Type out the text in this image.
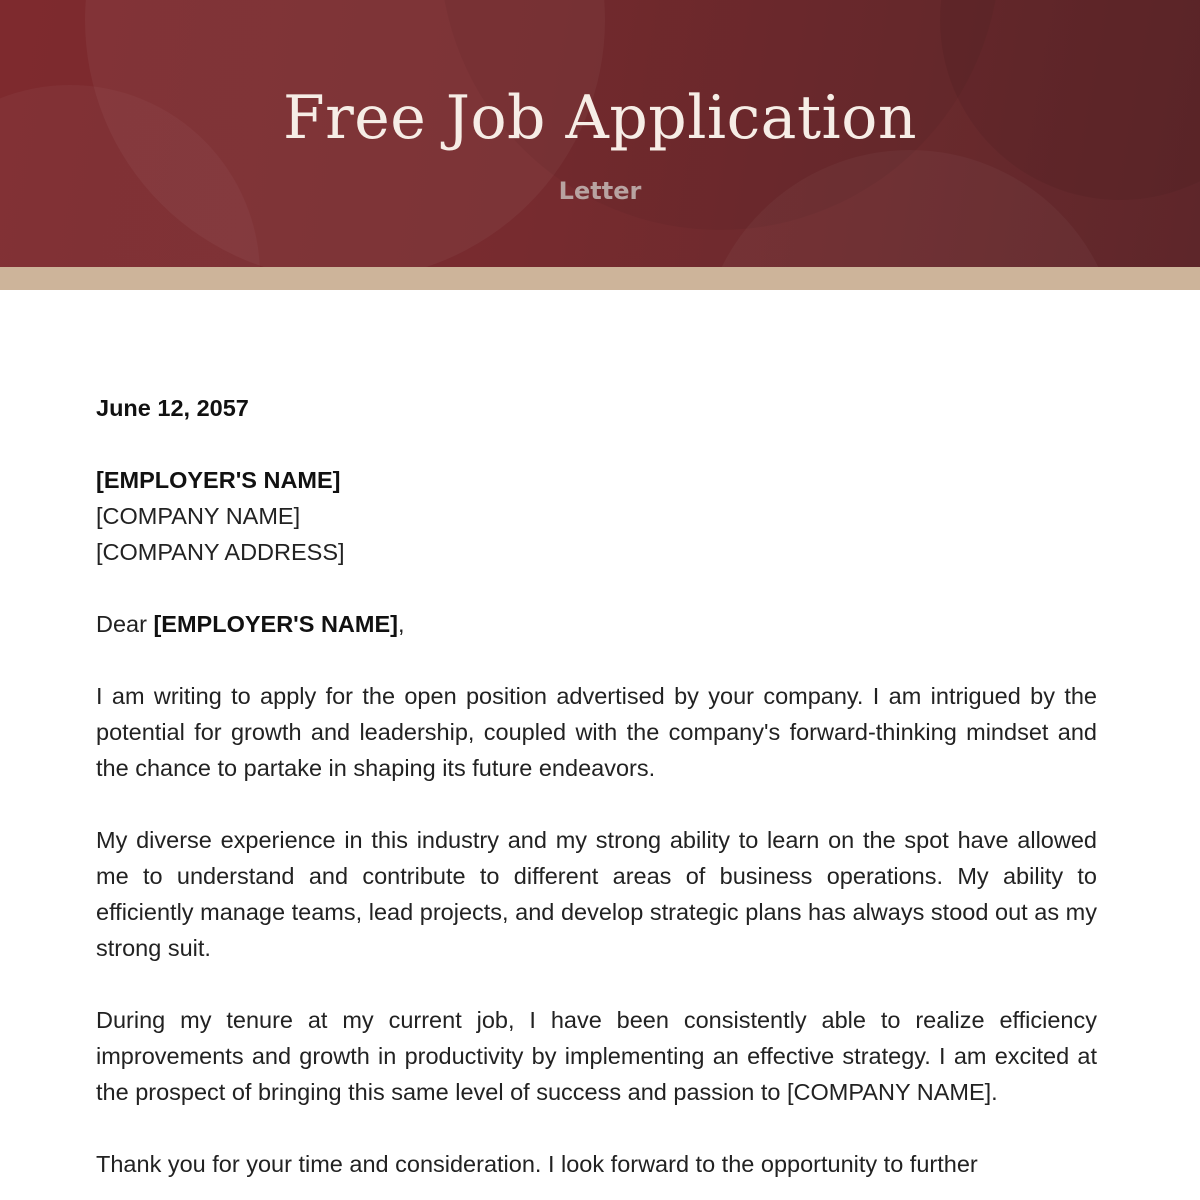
Free Job Application
Letter

June 12, 2057

[EMPLOYER'S NAME]
[COMPANY NAME]
[COMPANY ADDRESS]

Dear [EMPLOYER'S NAME],

I am writing to apply for the open position advertised by your company. I am intrigued by the potential for growth and leadership, coupled with the company's forward-thinking mindset and the chance to partake in shaping its future endeavors.

My diverse experience in this industry and my strong ability to learn on the spot have allowed me to understand and contribute to different areas of business operations. My ability to efficiently manage teams, lead projects, and develop strategic plans has always stood out as my strong suit.

During my tenure at my current job, I have been consistently able to realize efficiency improvements and growth in productivity by implementing an effective strategy. I am excited at the prospect of bringing this same level of success and passion to [COMPANY NAME].

Thank you for your time and consideration. I look forward to the opportunity to further
